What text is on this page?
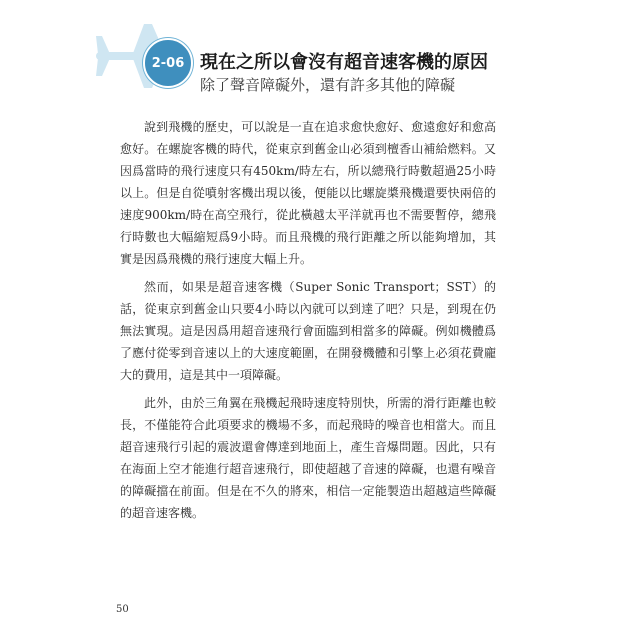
2-06 現在之所以會沒有超音速客機的原因
除了聲音障礙外，還有許多其他的障礙

說到飛機的歷史，可以說是一直在追求愈快愈好、愈遠愈好和愈高愈好。在螺旋客機的時代，從東京到舊金山必須到檀香山補給燃料。又因爲當時的飛行速度只有450km/時左右，所以總飛行時數超過25小時以上。但是自從噴射客機出現以後，便能以比螺旋槳飛機還要快兩倍的速度900km/時在高空飛行，從此橫越太平洋就再也不需要暫停，總飛行時數也大幅縮短爲9小時。而且飛機的飛行距離之所以能夠增加，其實是因爲飛機的飛行速度大幅上升。

然而，如果是超音速客機（Super Sonic Transport；SST）的話，從東京到舊金山只要4小時以內就可以到達了吧？只是，到現在仍無法實現。這是因爲用超音速飛行會面臨到相當多的障礙。例如機體爲了應付從零到音速以上的大速度範圍，在開發機體和引擎上必須花費龐大的費用，這是其中一項障礙。

此外，由於三角翼在飛機起飛時速度特別快，所需的滑行距離也較長，不僅能符合此項要求的機場不多，而起飛時的噪音也相當大。而且超音速飛行引起的震波還會傳達到地面上，產生音爆問題。因此，只有在海面上空才能進行超音速飛行，即使超越了音速的障礙，也還有噪音的障礙擋在前面。但是在不久的將來，相信一定能製造出超越這些障礙的超音速客機。

50
